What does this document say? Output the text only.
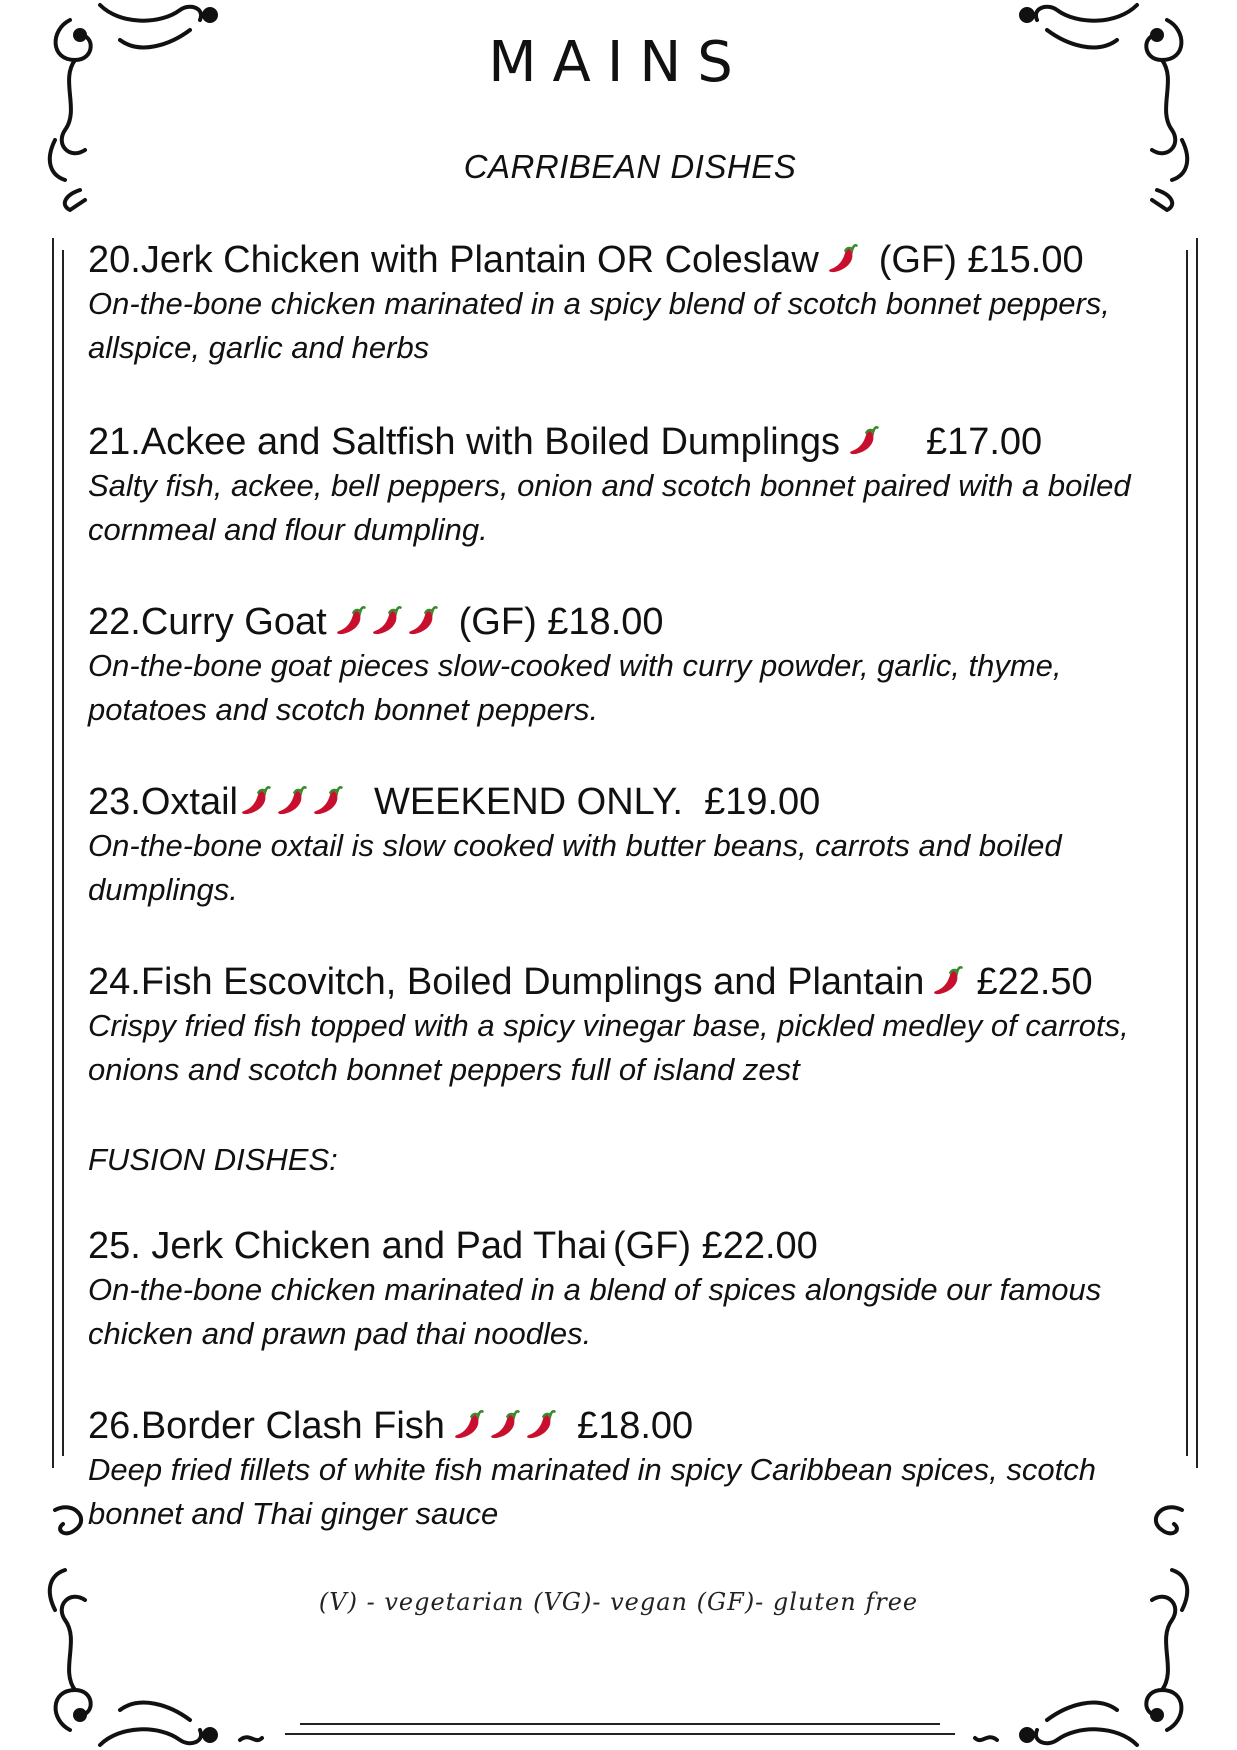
MAINS
CARRIBEAN DISHES
20.Jerk Chicken with Plantain OR Coleslaw (GF) £15.00
On-the-bone chicken marinated in a spicy blend of scotch bonnet peppers, allspice, garlic and herbs
21.Ackee and Saltfish with Boiled Dumplings £17.00
Salty fish, ackee, bell peppers, onion and scotch bonnet paired with a boiled cornmeal and flour dumpling.
22.Curry Goat	(GF) £18.00
On-the-bone goat pieces slow-cooked with curry powder, garlic, thyme, potatoes and scotch bonnet peppers.
23.Oxtail	WEEKEND ONLY.  £19.00
On-the-bone oxtail is slow cooked with butter beans, carrots and boiled dumplings.
24.Fish Escovitch, Boiled Dumplings and Plantain £22.50
Crispy fried fish topped with a spicy vinegar base, pickled medley of carrots, onions and scotch bonnet peppers full of island zest
FUSION DISHES:
25. Jerk Chicken and Pad Thai (GF) £22.00
On-the-bone chicken marinated in a blend of spices alongside our famous chicken and prawn pad thai noodles.
26.Border Clash Fish	£18.00
Deep fried fillets of white fish marinated in spicy Caribbean spices, scotch bonnet and Thai ginger sauce
(V) - vegetarian (VG)- vegan (GF)- gluten free
